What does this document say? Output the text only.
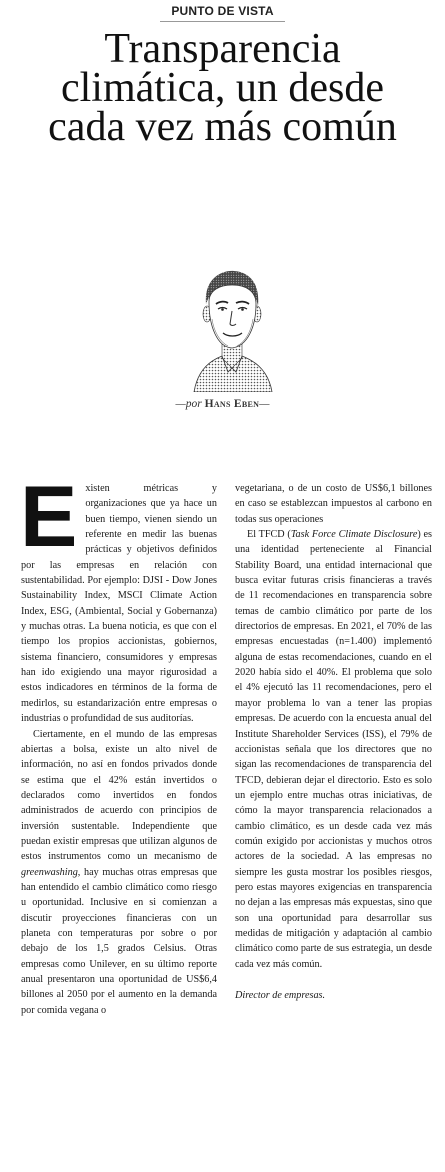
PUNTO DE VISTA
Transparencia
climática, un desde
cada vez más común
—por Hans Eben—

Existen métricas y organizaciones que ya hace un buen tiempo, vienen siendo un referente en medir las buenas prácticas y objetivos definidos por las empresas en relación con sustentabilidad. Por ejemplo: DJSI - Dow Jones Sustainability Index, MSCI Climate Action Index, ESG, (Ambiental, Social y Gobernanza) y muchas otras. La buena noticia, es que con el tiempo los propios accionistas, gobiernos, sistema financiero, consumidores y empresas han ido exigiendo una mayor rigurosidad a estos indicadores en términos de la forma de medirlos, su estandarización entre empresas o industrias o profundidad de sus auditorías.

Ciertamente, en el mundo de las empresas abiertas a bolsa, existe un alto nivel de información, no así en fondos privados donde se estima que el 42% están invertidos o declarados como invertidos en fondos administrados de acuerdo con principios de inversión sustentable. Independiente que puedan existir empresas que utilizan algunos de estos instrumentos como un mecanismo de greenwashing, hay muchas otras empresas que han entendido el cambio climático como riesgo u oportunidad. Inclusive en si comienzan a discutir proyecciones financieras con un planeta con temperaturas por sobre o por debajo de los 1,5 grados Celsius. Otras empresas como Unilever, en su último reporte anual presentaron una oportunidad de US$6,4 billones al 2050 por el aumento en la demanda por comida vegana o

vegetariana, o de un costo de US$6,1 billones en caso se establezcan impuestos al carbono en todas sus operaciones

El TFCD (Task Force Climate Disclosure) es una identidad perteneciente al Financial Stability Board, una entidad internacional que busca evitar futuras crisis financieras a través de 11 recomendaciones en transparencia sobre temas de cambio climático por parte de los directorios de empresas. En 2021, el 70% de las empresas encuestadas (n=1.400) implementó alguna de estas recomendaciones, cuando en el 2020 había sido el 40%. El problema que solo el 4% ejecutó las 11 recomendaciones, pero el mayor problema lo van a tener las propias empresas. De acuerdo con la encuesta anual del Institute Shareholder Services (ISS), el 79% de accionistas señala que los directores que no sigan las recomendaciones de transparencia del TFCD, debieran dejar el directorio. Esto es solo un ejemplo entre muchas otras iniciativas, de cómo la mayor transparencia relacionados a cambio climático, es un desde cada vez más común exigido por accionistas y muchos otros actores de la sociedad. A las empresas no siempre les gusta mostrar los posibles riesgos, pero estas mayores exigencias en transparencia no dejan a las empresas más expuestas, sino que son una oportunidad para desarrollar sus medidas de mitigación y adaptación al cambio climático como parte de sus estrategia, un desde cada vez más común.

Director de empresas.
